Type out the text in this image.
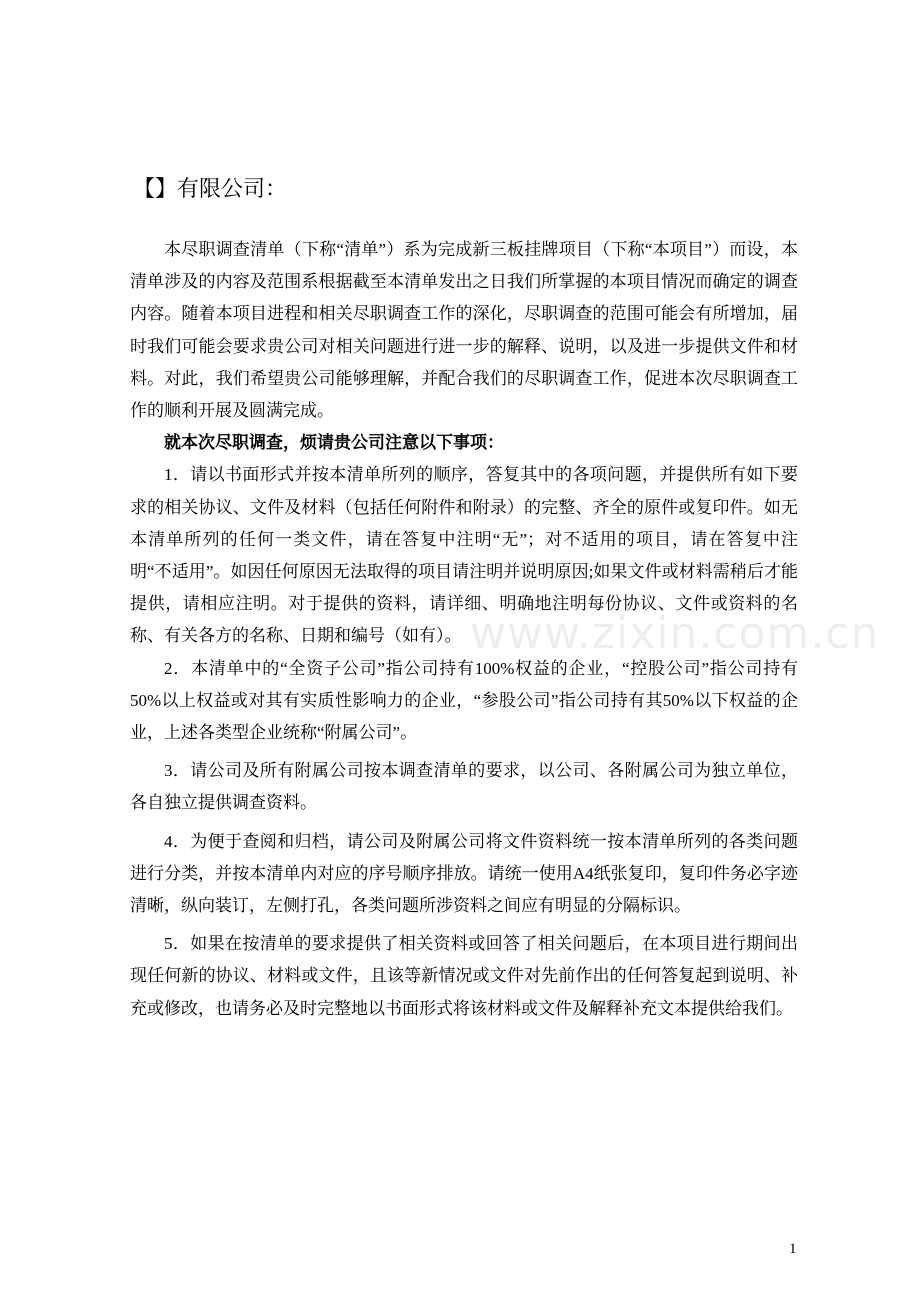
www.zixin.com.cn
【】有限公司：

本尽职调查清单（下称“清单”）系为完成新三板挂牌项目（下称“本项目”）而设，本清单涉及的内容及范围系根据截至本清单发出之日我们所掌握的本项目情况而确定的调查内容。随着本项目进程和相关尽职调查工作的深化，尽职调查的范围可能会有所增加，届时我们可能会要求贵公司对相关问题进行进一步的解释、说明，以及进一步提供文件和材料。对此，我们希望贵公司能够理解，并配合我们的尽职调查工作，促进本次尽职调查工作的顺利开展及圆满完成。

就本次尽职调查，烦请贵公司注意以下事项：

1．请以书面形式并按本清单所列的顺序，答复其中的各项问题，并提供所有如下要求的相关协议、文件及材料（包括任何附件和附录）的完整、齐全的原件或复印件。如无本清单所列的任何一类文件，请在答复中注明“无”；对不适用的项目，请在答复中注明“不适用”。如因任何原因无法取得的项目请注明并说明原因;如果文件或材料需稍后才能提供，请相应注明。对于提供的资料，请详细、明确地注明每份协议、文件或资料的名称、有关各方的名称、日期和编号（如有）。

2．本清单中的“全资子公司”指公司持有100%权益的企业，“控股公司”指公司持有50%以上权益或对其有实质性影响力的企业，“参股公司”指公司持有其50%以下权益的企业，上述各类型企业统称“附属公司”。

3．请公司及所有附属公司按本调查清单的要求，以公司、各附属公司为独立单位，各自独立提供调查资料。

4．为便于查阅和归档，请公司及附属公司将文件资料统一按本清单所列的各类问题进行分类，并按本清单内对应的序号顺序排放。请统一使用A4纸张复印，复印件务必字迹清晰，纵向装订，左侧打孔，各类问题所涉资料之间应有明显的分隔标识。

5．如果在按清单的要求提供了相关资料或回答了相关问题后，在本项目进行期间出现任何新的协议、材料或文件，且该等新情况或文件对先前作出的任何答复起到说明、补充或修改，也请务必及时完整地以书面形式将该材料或文件及解释补充文本提供给我们。

1
